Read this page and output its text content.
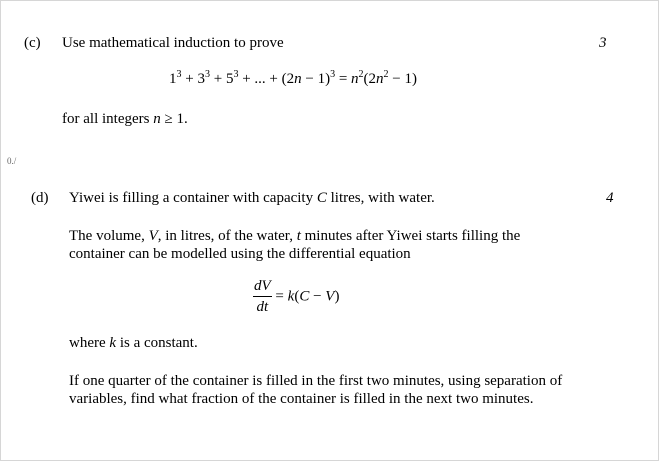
(c) Use mathematical induction to prove	3
$1^3 + 3^3 + 5^3$ + ... + $(2n - 1)^3 = n^2(2n^2 - 1)$
for all integers n ≥ 1.
0./
(d) Yiwei is filling a container with capacity C litres, with water.	4
The volume, V, in litres, of the water, t minutes after Yiwei starts filling the container can be modelled using the differential equation
$\frac{dV}{dt} = k(C - V)$
where k is a constant.
If one quarter of the container is filled in the first two minutes, using separation of variables, find what fraction of the container is filled in the next two minutes.
